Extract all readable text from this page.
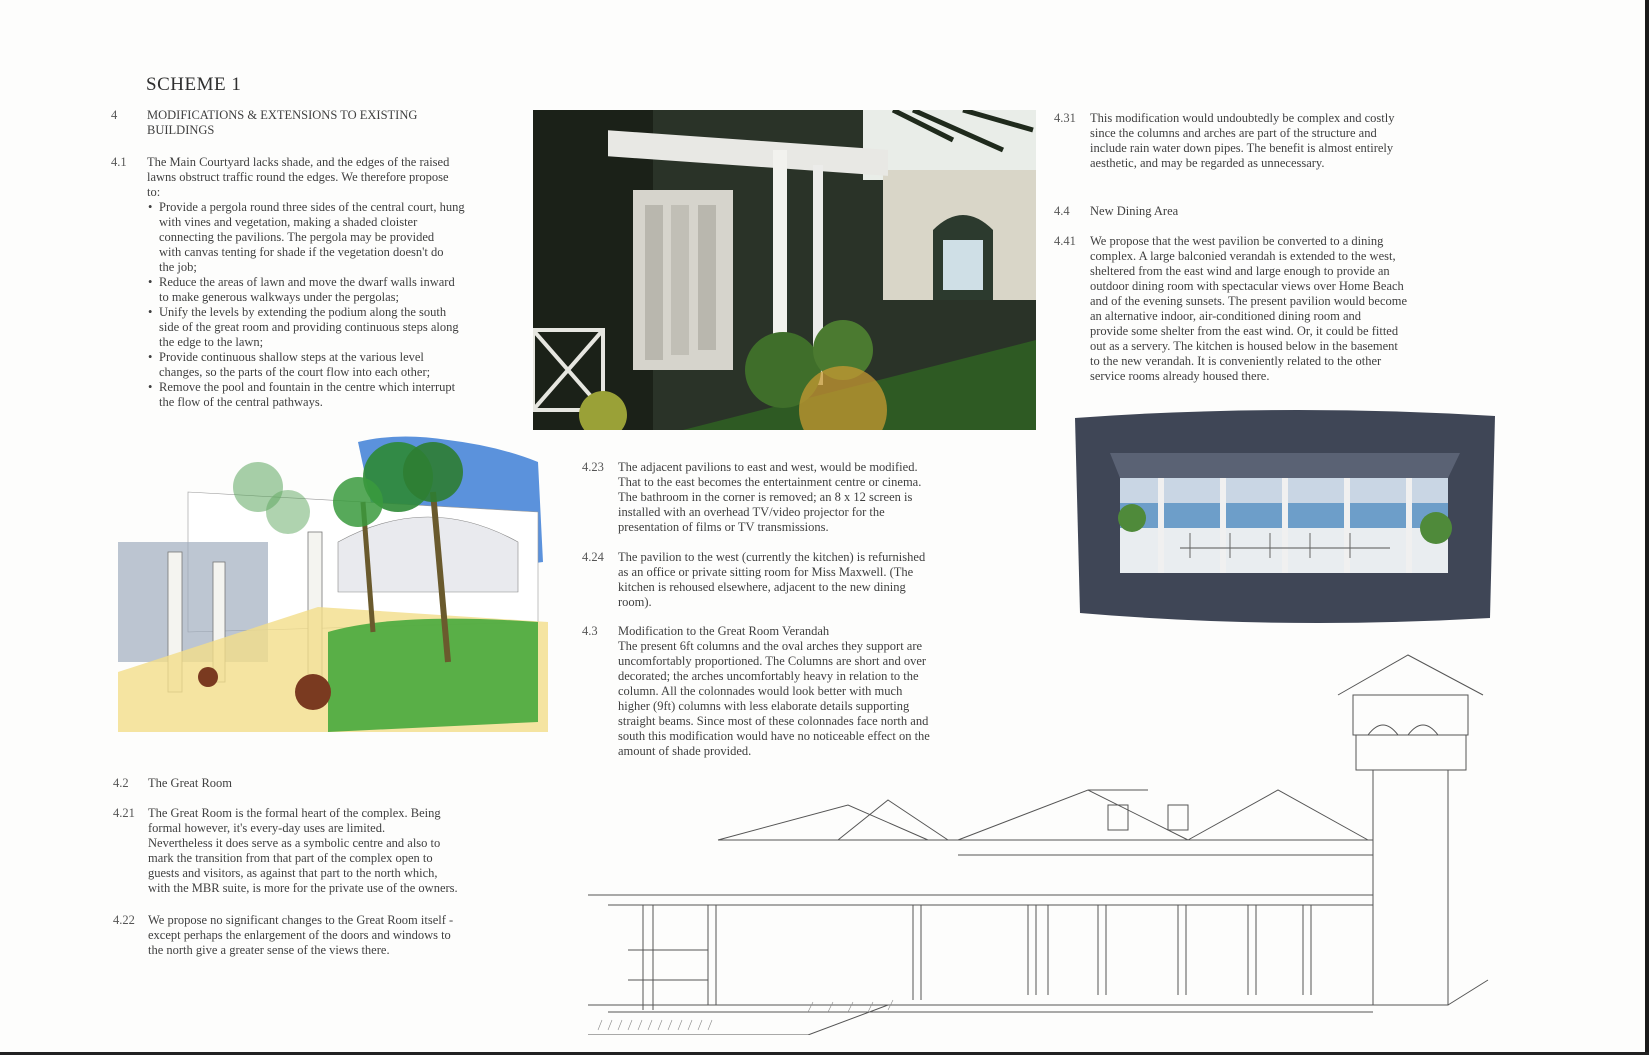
SCHEME 1
4 MODIFICATIONS & EXTENSIONS TO EXISTING
BUILDINGS
4.1 The Main Courtyard lacks shade, and the edges of the raised
lawns obstruct traffic round the edges. We therefore propose
to:
• Provide a pergola round three sides of the central court, hung
with vines and vegetation, making a shaded cloister
connecting the pavilions. The pergola may be provided
with canvas tenting for shade if the vegetation doesn't do
the job;
• Reduce the areas of lawn and move the dwarf walls inward
to make generous walkways under the pergolas;
• Unify the levels by extending the podium along the south
side of the great room and providing continuous steps along
the edge to the lawn;
• Provide continuous shallow steps at the various level
changes, so the parts of the court flow into each other;
• Remove the pool and fountain in the centre which interrupt
the flow of the central pathways.
4.23 The adjacent pavilions to east and west, would be modified.
That to the east becomes the entertainment centre or cinema.
The bathroom in the corner is removed; an 8 x 12 screen is
installed with an overhead TV/video projector for the
presentation of films or TV transmissions.
4.24 The pavilion to the west (currently the kitchen) is refurnished
as an office or private sitting room for Miss Maxwell. (The
kitchen is rehoused elsewhere, adjacent to the new dining
room).
4.3 Modification to the Great Room Verandah
The present 6ft columns and the oval arches they support are
uncomfortably proportioned. The Columns are short and over
decorated; the arches uncomfortably heavy in relation to the
column. All the colonnades would look better with much
higher (9ft) columns with less elaborate details supporting
straight beams. Since most of these colonnades face north and
south this modification would have no noticeable effect on the
amount of shade provided.
4.31 This modification would undoubtedly be complex and costly
since the columns and arches are part of the structure and
include rain water down pipes. The benefit is almost entirely
aesthetic, and may be regarded as unnecessary.
4.4 New Dining Area
4.41 We propose that the west pavilion be converted to a dining
complex. A large balconied verandah is extended to the west,
sheltered from the east wind and large enough to provide an
outdoor dining room with spectacular views over Home Beach
and of the evening sunsets. The present pavilion would become
an alternative indoor, air-conditioned dining room and
provide some shelter from the east wind. Or, it could be fitted
out as a servery. The kitchen is housed below in the basement
to the new verandah. It is conveniently related to the other
service rooms already housed there.
4.2 The Great Room
4.21 The Great Room is the formal heart of the complex. Being
formal however, it's every-day uses are limited.
Nevertheless it does serve as a symbolic centre and also to
mark the transition from that part of the complex open to
guests and visitors, as against that part to the north which,
with the MBR suite, is more for the private use of the owners.
4.22 We propose no significant changes to the Great Room itself -
except perhaps the enlargement of the doors and windows to
the north give a greater sense of the views there.
